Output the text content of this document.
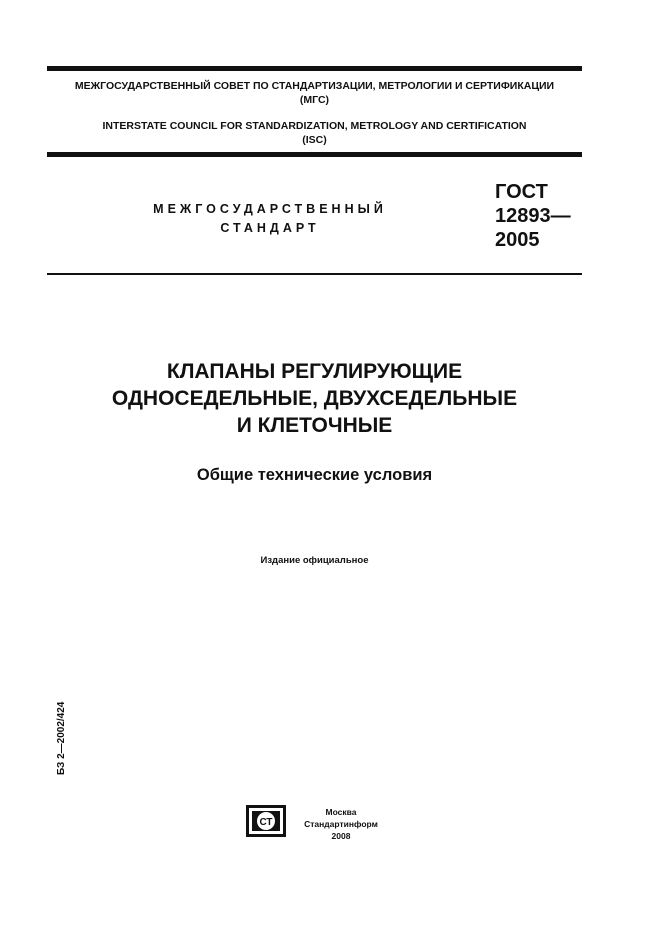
МЕЖГОСУДАРСТВЕННЫЙ СОВЕТ ПО СТАНДАРТИЗАЦИИ, МЕТРОЛОГИИ И СЕРТИФИКАЦИИ
(МГС)
INTERSTATE COUNCIL FOR STANDARDIZATION, METROLOGY AND CERTIFICATION
(ISC)
МЕЖГОСУДАРСТВЕННЫЙ
СТАНДАРТ
ГОСТ
12893—
2005
КЛАПАНЫ РЕГУЛИРУЮЩИЕ
ОДНОСЕДЕЛЬНЫЕ, ДВУХСЕДЕЛЬНЫЕ
И КЛЕТОЧНЫЕ
Общие технические условия
Издание официальное
БЗ 2—2002/424
СТ
Москва
Стандартинформ
2008
